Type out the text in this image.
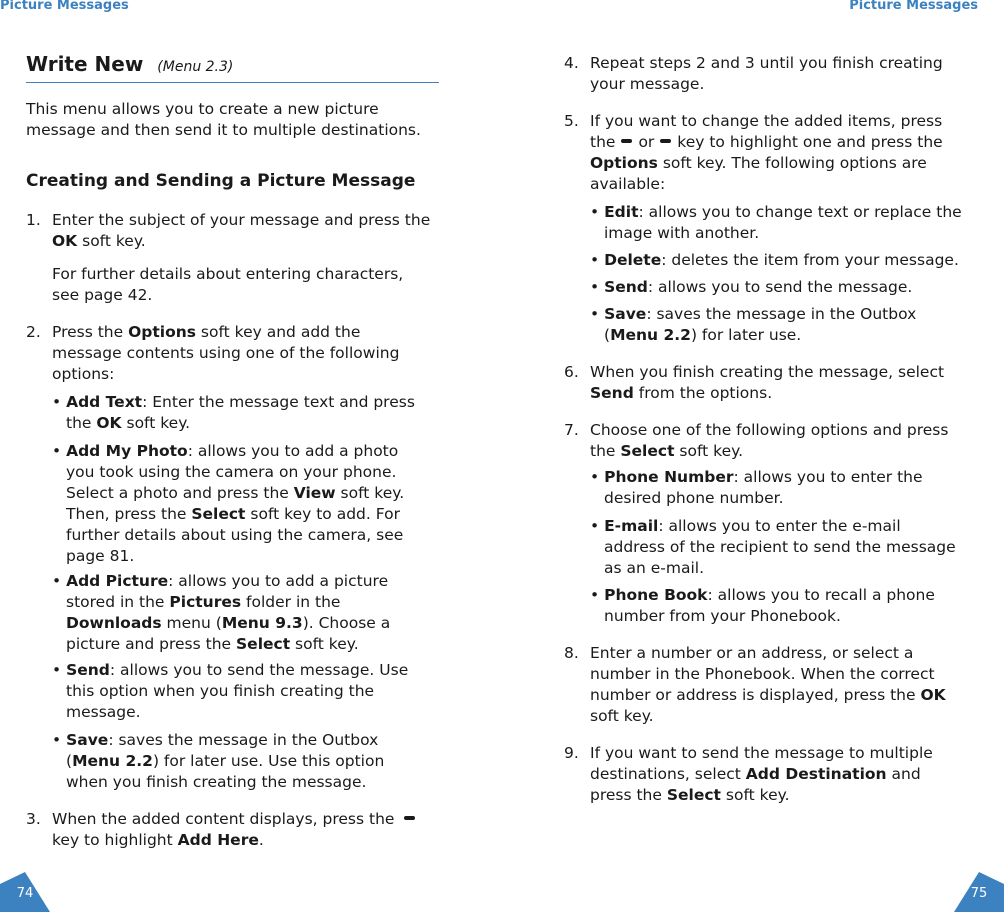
Picture Messages
Write New (Menu 2.3)
This menu allows you to create a new picture
message and then send it to multiple destinations.
Creating and Sending a Picture Message
1. Enter the subject of your message and press the
OK soft key.
For further details about entering characters,
see page 42.
2. Press the Options soft key and add the
message contents using one of the following
options:
• Add Text: Enter the message text and press
the OK soft key.
• Add My Photo: allows you to add a photo
you took using the camera on your phone.
Select a photo and press the View soft key.
Then, press the Select soft key to add. For
further details about using the camera, see
page 81.
• Add Picture: allows you to add a picture
stored in the Pictures folder in the
Downloads menu (Menu 9.3). Choose a
picture and press the Select soft key.
• Send: allows you to send the message. Use
this option when you finish creating the
message.
• Save: saves the message in the Outbox
(Menu 2.2) for later use. Use this option
when you finish creating the message.
3. When the added content displays, press the
key to highlight Add Here.
74
Picture Messages
4. Repeat steps 2 and 3 until you finish creating
your message.
5. If you want to change the added items, press
the or key to highlight one and press the
Options soft key. The following options are
available:
• Edit: allows you to change text or replace the
image with another.
• Delete: deletes the item from your message.
• Send: allows you to send the message.
• Save: saves the message in the Outbox
(Menu 2.2) for later use.
6. When you finish creating the message, select
Send from the options.
7. Choose one of the following options and press
the Select soft key.
• Phone Number: allows you to enter the
desired phone number.
• E-mail: allows you to enter the e-mail
address of the recipient to send the message
as an e-mail.
• Phone Book: allows you to recall a phone
number from your Phonebook.
8. Enter a number or an address, or select a
number in the Phonebook. When the correct
number or address is displayed, press the OK
soft key.
9. If you want to send the message to multiple
destinations, select Add Destination and
press the Select soft key.
75
